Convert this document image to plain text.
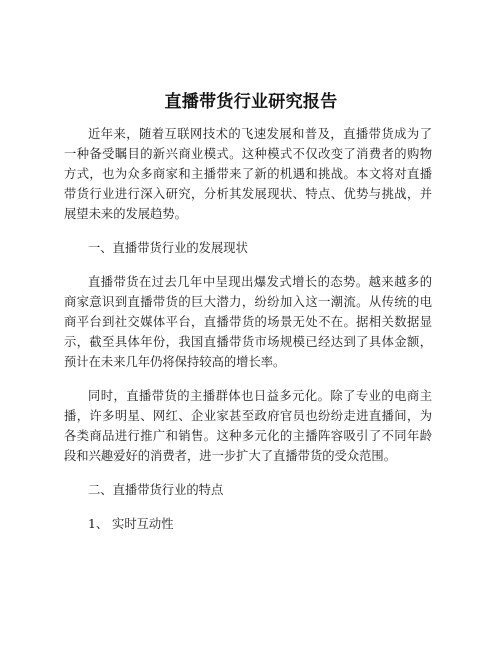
直播带货行业研究报告

近年来，随着互联网技术的飞速发展和普及，直播带货成为了一种备受瞩目的新兴商业模式。这种模式不仅改变了消费者的购物方式，也为众多商家和主播带来了新的机遇和挑战。本文将对直播带货行业进行深入研究，分析其发展现状、特点、优势与挑战，并展望未来的发展趋势。

一、直播带货行业的发展现状

直播带货在过去几年中呈现出爆发式增长的态势。越来越多的商家意识到直播带货的巨大潜力，纷纷加入这一潮流。从传统的电商平台到社交媒体平台，直播带货的场景无处不在。据相关数据显示，截至具体年份，我国直播带货市场规模已经达到了具体金额，预计在未来几年仍将保持较高的增长率。

同时，直播带货的主播群体也日益多元化。除了专业的电商主播，许多明星、网红、企业家甚至政府官员也纷纷走进直播间，为各类商品进行推广和销售。这种多元化的主播阵容吸引了不同年龄段和兴趣爱好的消费者，进一步扩大了直播带货的受众范围。

二、直播带货行业的特点

1、 实时互动性
